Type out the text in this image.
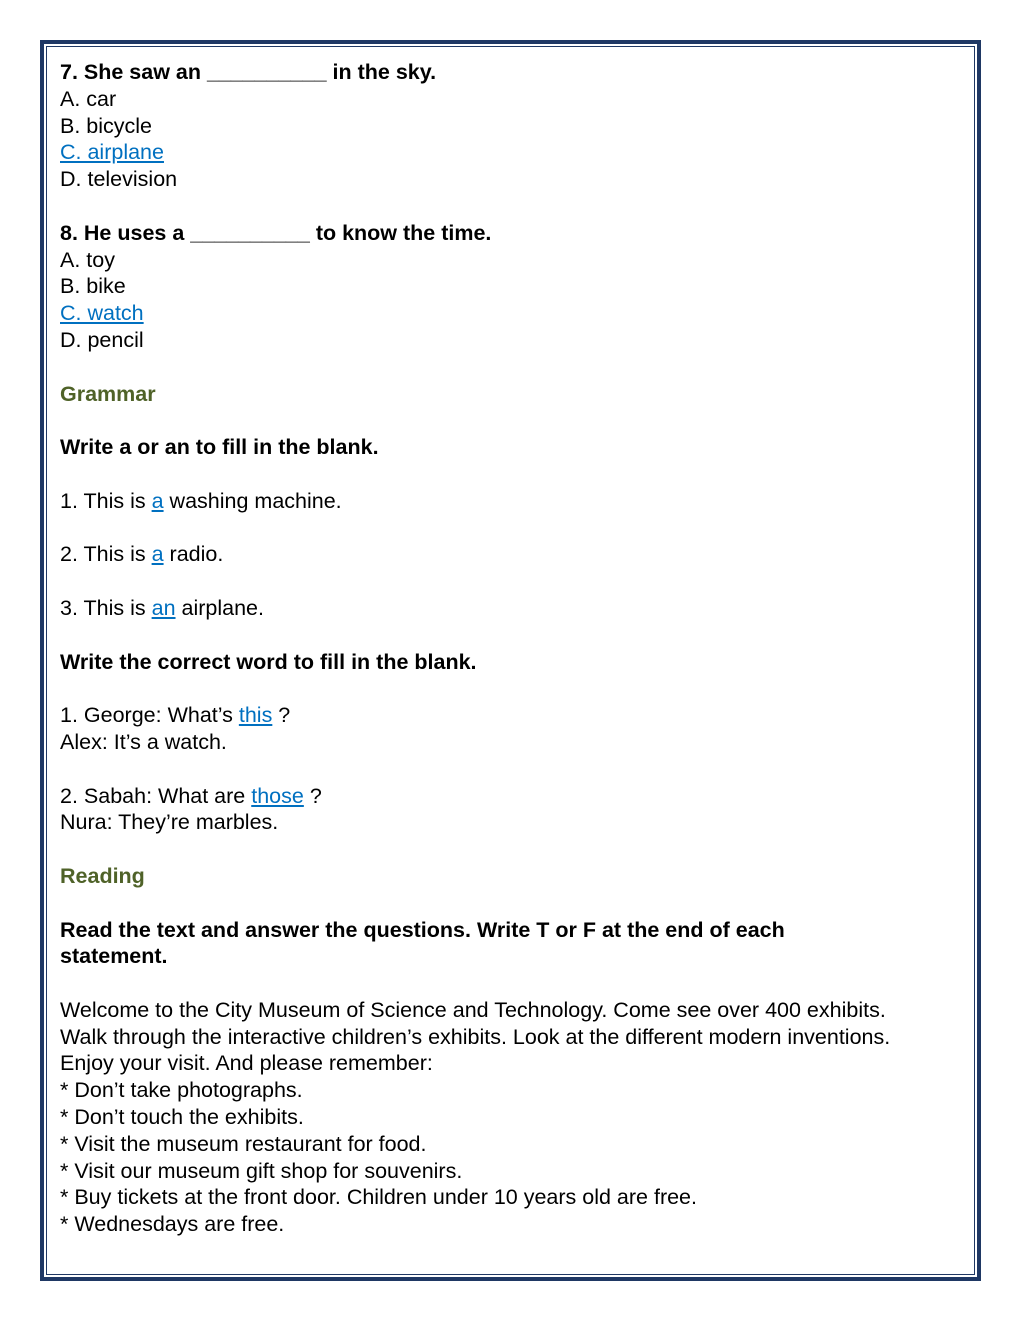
7. She saw an __________ in the sky.
A. car
B. bicycle
C. airplane
D. television
8. He uses a __________ to know the time.
A. toy
B. bike
C. watch
D. pencil
Grammar
Write a or an to fill in the blank.
1. This is a washing machine.
2. This is a radio.
3. This is an airplane.
Write the correct word to fill in the blank.
1. George: What’s this ?
Alex: It’s a watch.
2. Sabah: What are those ?
Nura: They’re marbles.
Reading
Read the text and answer the questions. Write T or F at the end of each statement.
Welcome to the City Museum of Science and Technology. Come see over 400 exhibits.
Walk through the interactive children’s exhibits. Look at the different modern inventions.
Enjoy your visit. And please remember:
* Don’t take photographs.
* Don’t touch the exhibits.
* Visit the museum restaurant for food.
* Visit our museum gift shop for souvenirs.
* Buy tickets at the front door. Children under 10 years old are free.
* Wednesdays are free.
